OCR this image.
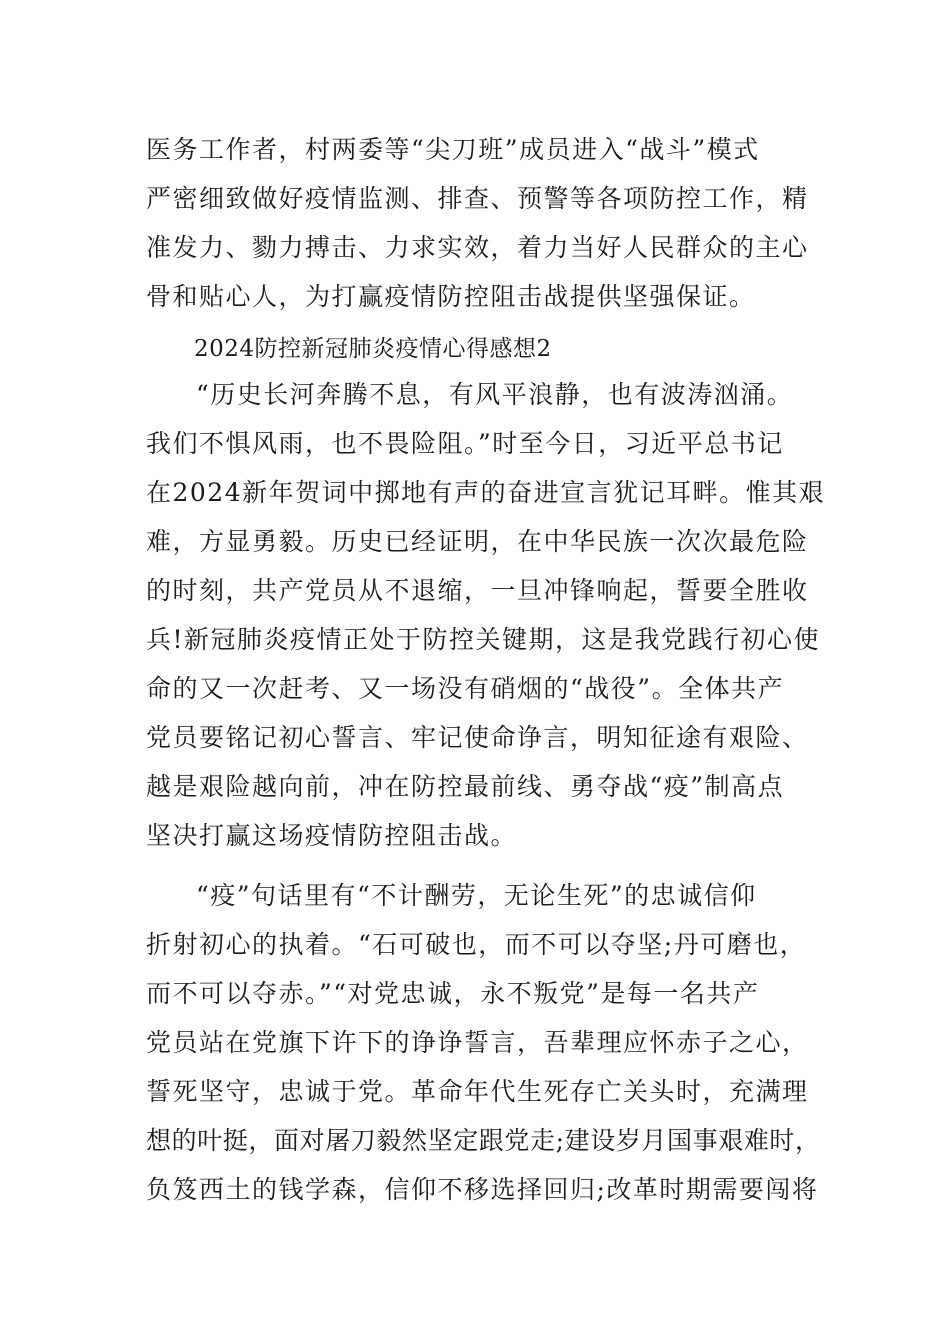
医务工作者，村两委等“尖刀班”成员进入“战斗”模式
严密细致做好疫情监测、排查、预警等各项防控工作，精
准发力、勠力搏击、力求实效，着力当好人民群众的主心
骨和贴心人，为打赢疫情防控阻击战提供坚强保证。
2024防控新冠肺炎疫情心得感想2
“历史长河奔腾不息，有风平浪静，也有波涛汹涌。
我们不惧风雨，也不畏险阻。”时至今日，习近平总书记
在2024新年贺词中掷地有声的奋进宣言犹记耳畔。惟其艰
难，方显勇毅。历史已经证明，在中华民族一次次最危险
的时刻，共产党员从不退缩，一旦冲锋响起，誓要全胜收
兵!新冠肺炎疫情正处于防控关键期，这是我党践行初心使
命的又一次赶考、又一场没有硝烟的“战役”。全体共产
党员要铭记初心誓言、牢记使命诤言，明知征途有艰险、
越是艰险越向前，冲在防控最前线、勇夺战“疫”制高点
坚决打赢这场疫情防控阻击战。
“疫”句话里有“不计酬劳，无论生死”的忠诚信仰
折射初心的执着。“石可破也，而不可以夺坚;丹可磨也，
而不可以夺赤。”“对党忠诚，永不叛党”是每一名共产
党员站在党旗下许下的诤诤誓言，吾辈理应怀赤子之心，
誓死坚守，忠诚于党。革命年代生死存亡关头时，充满理
想的叶挺，面对屠刀毅然坚定跟党走;建设岁月国事艰难时，
负笈西土的钱学森，信仰不移选择回归;改革时期需要闯将
